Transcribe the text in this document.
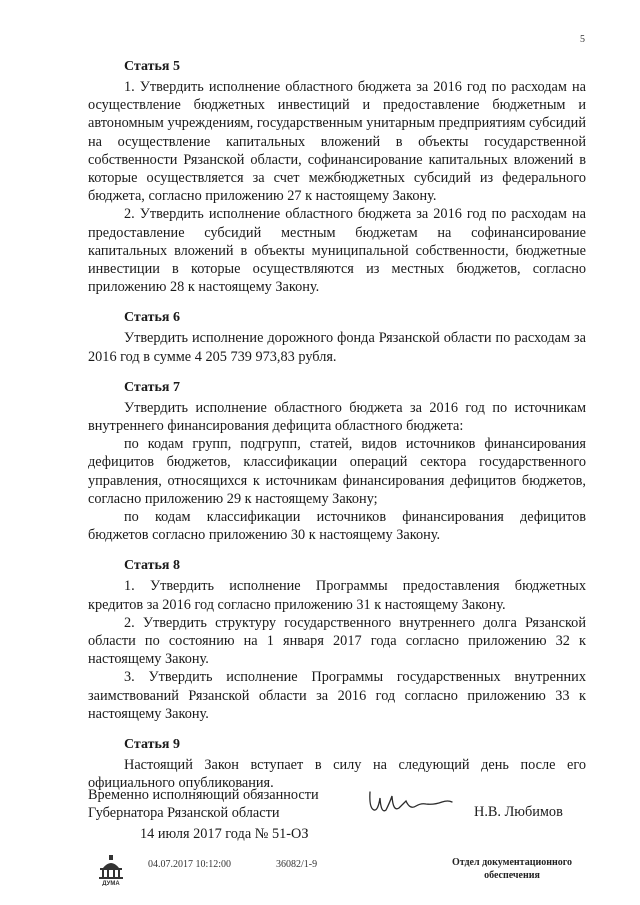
5
Статья 5

1. Утвердить исполнение областного бюджета за 2016 год по расходам на осуществление бюджетных инвестиций и предоставление бюджетным и автономным учреждениям, государственным унитарным предприятиям субсидий на осуществление капитальных вложений в объекты государственной собственности Рязанской области, софинансирование капитальных вложений в которые осуществляется за счет межбюджетных субсидий из федерального бюджета, согласно приложению 27 к настоящему Закону.

2. Утвердить исполнение областного бюджета за 2016 год по расходам на предоставление субсидий местным бюджетам на софинансирование капитальных вложений в объекты муниципальной собственности, бюджетные инвестиции в которые осуществляются из местных бюджетов, согласно приложению 28 к настоящему Закону.

Статья 6

Утвердить исполнение дорожного фонда Рязанской области по расходам за 2016 год в сумме 4 205 739 973,83 рубля.

Статья 7

Утвердить исполнение областного бюджета за 2016 год по источникам внутреннего финансирования дефицита областного бюджета:

по кодам групп, подгрупп, статей, видов источников финансирования дефицитов бюджетов, классификации операций сектора государственного управления, относящихся к источникам финансирования дефицитов бюджетов, согласно приложению 29 к настоящему Закону;

по кодам классификации источников финансирования дефицитов бюджетов согласно приложению 30 к настоящему Закону.

Статья 8

1. Утвердить исполнение Программы предоставления бюджетных кредитов за 2016 год согласно приложению 31 к настоящему Закону.

2. Утвердить структуру государственного внутреннего долга Рязанской области по состоянию на 1 января 2017 года согласно приложению 32 к настоящему Закону.

3. Утвердить исполнение Программы государственных внутренних заимствований Рязанской области за 2016 год согласно приложению 33 к настоящему Закону.

Статья 9

Настоящий Закон вступает в силу на следующий день после его официального опубликования.

Временно исполняющий обязанности
Губернатора Рязанской области	Н.В. Любимов
14 июля 2017 года № 51-ОЗ
ДУМА
04.07.2017 10:12:00	36082/1-9	Отдел документационного
обеспечения
